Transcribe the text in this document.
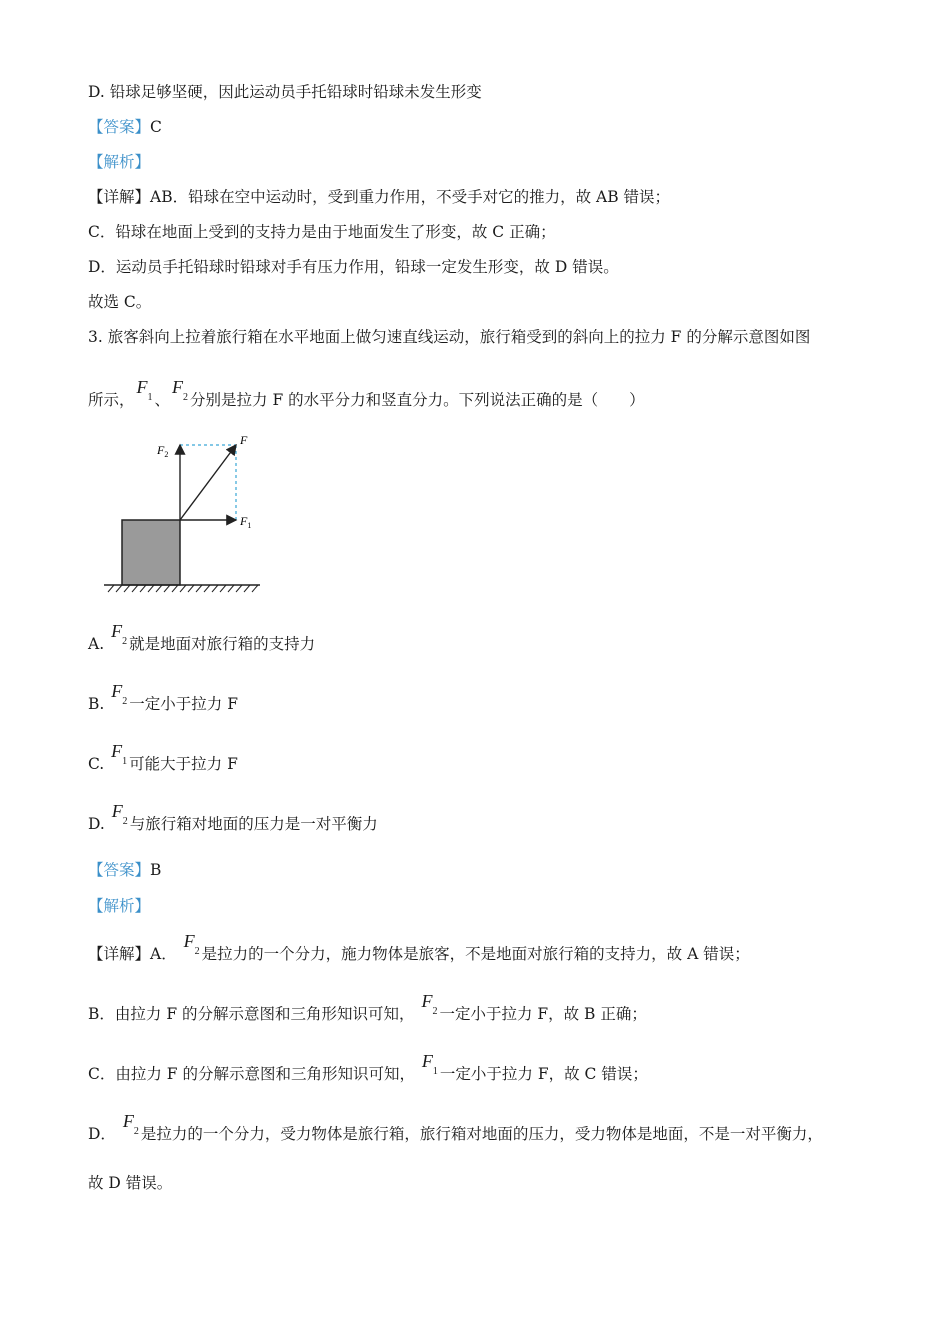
D. 铅球足够坚硬，因此运动员手托铅球时铅球未发生形变
【答案】C
【解析】
【详解】AB．铅球在空中运动时，受到重力作用，不受手对它的推力，故 AB 错误；
C．铅球在地面上受到的支持力是由于地面发生了形变，故 C 正确；
D．运动员手托铅球时铅球对手有压力作用，铅球一定发生形变，故 D 错误。
故选 C。
3. 旅客斜向上拉着旅行箱在水平地面上做匀速直线运动，旅行箱受到的斜向上的拉力 F 的分解示意图如图
所示，$F_1$ 、$F_2$ 分别是拉力 F 的水平分力和竖直分力。下列说法正确的是（　　）
$F_2$
F
$F_1$
A. $F_2$ 就是地面对旅行箱的支持力
B. $F_2$ 一定小于拉力 F
C. $F_1$ 可能大于拉力 F
D. $F_2$ 与旅行箱对地面的压力是一对平衡力
【答案】B
【解析】
【详解】A． $F_2$ 是拉力的一个分力，施力物体是旅客，不是地面对旅行箱的支持力，故 A 错误；
B．由拉力 F 的分解示意图和三角形知识可知， $F_2$ 一定小于拉力 F，故 B 正确；
C．由拉力 F 的分解示意图和三角形知识可知， $F_1$ 一定小于拉力 F，故 C 错误；
D． $F_2$ 是拉力的一个分力，受力物体是旅行箱，旅行箱对地面的压力，受力物体是地面，不是一对平衡力，
故 D 错误。
